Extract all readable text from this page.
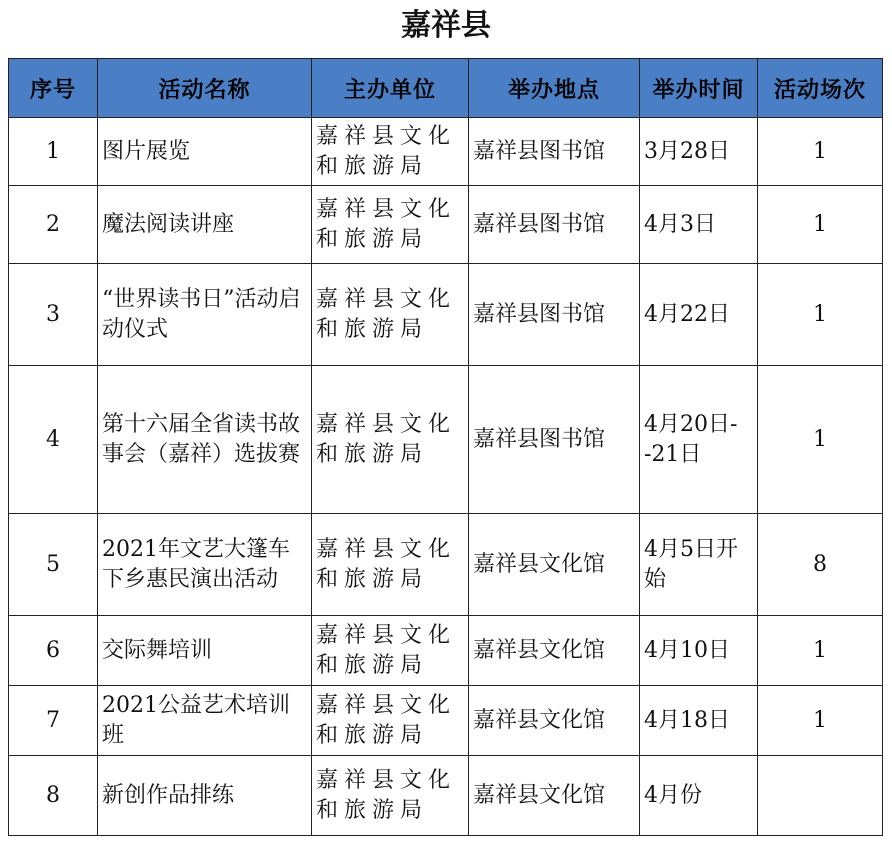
嘉祥县
序号	活动名称	主办单位	举办地点	举办时间	活动场次
1	图片展览	嘉祥县文化和旅游局	嘉祥县图书馆	3月28日	1
2	魔法阅读讲座	嘉祥县文化和旅游局	嘉祥县图书馆	4月3日	1
3	“世界读书日”活动启动仪式	嘉祥县文化和旅游局	嘉祥县图书馆	4月22日	1
4	第十六届全省读书故事会（嘉祥）选拔赛	嘉祥县文化和旅游局	嘉祥县图书馆	4月20日--21日	1
5	2021年文艺大篷车下乡惠民演出活动	嘉祥县文化和旅游局	嘉祥县文化馆	4月5日开始	8
6	交际舞培训	嘉祥县文化和旅游局	嘉祥县文化馆	4月10日	1
7	2021公益艺术培训班	嘉祥县文化和旅游局	嘉祥县文化馆	4月18日	1
8	新创作品排练	嘉祥县文化和旅游局	嘉祥县文化馆	4月份	
